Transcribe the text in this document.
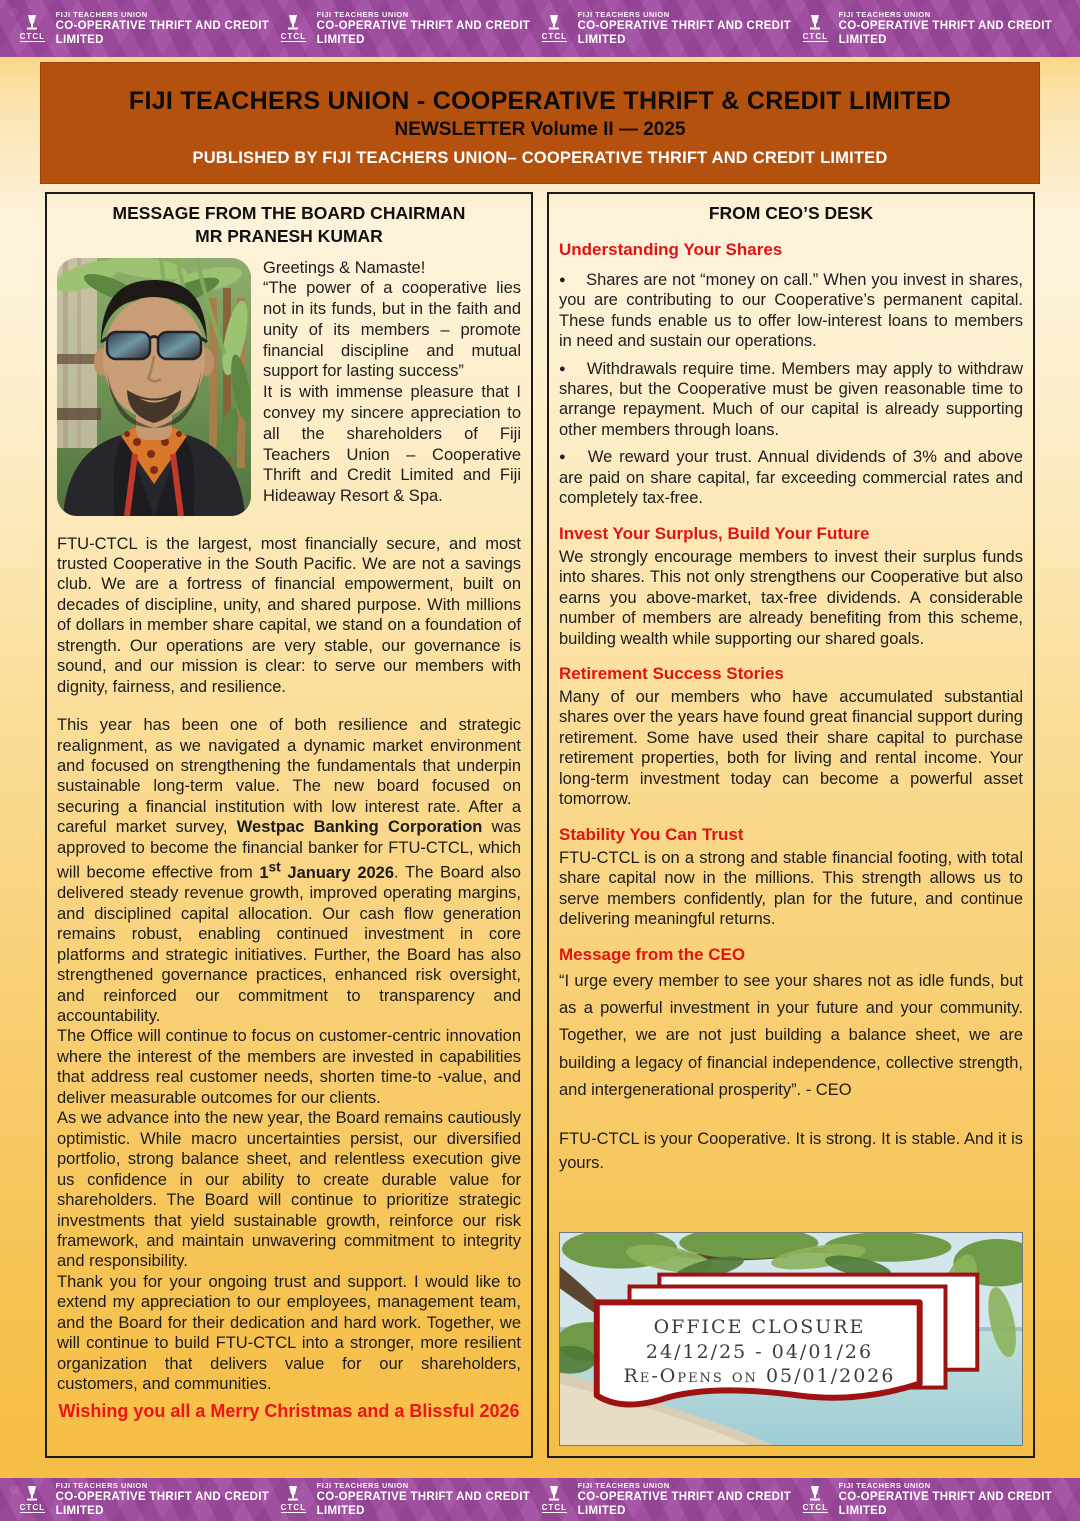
CTCL
FIJI TEACHERS UNION
CO-OPERATIVE THRIFT AND CREDIT LIMITED	CTCL
FIJI TEACHERS UNION
CO-OPERATIVE THRIFT AND CREDIT LIMITED	CTCL
FIJI TEACHERS UNION
CO-OPERATIVE THRIFT AND CREDIT LIMITED	CTCL
FIJI TEACHERS UNION
CO-OPERATIVE THRIFT AND CREDIT LIMITED
FIJI TEACHERS UNION - COOPERATIVE THRIFT & CREDIT LIMITED
NEWSLETTER Volume II — 2025
PUBLISHED BY FIJI TEACHERS UNION– COOPERATIVE THRIFT AND CREDIT LIMITED
MESSAGE FROM THE BOARD CHAIRMAN
MR PRANESH KUMAR
Greetings & Namaste!
“The power of a cooperative lies not in its funds, but in the faith and unity of its members – promote financial discipline and mutual support for lasting success”
It is with immense pleasure that I convey my sincere appreciation to all the shareholders of Fiji Teachers Union – Cooperative Thrift and Credit Limited and Fiji Hideaway Resort & Spa.

FTU-CTCL is the largest, most financially secure, and most trusted Cooperative in the South Pacific. We are not a savings club. We are a fortress of financial empowerment, built on decades of discipline, unity, and shared purpose. With millions of dollars in member share capital, we stand on a foundation of strength. Our operations are very stable, our governance is sound, and our mission is clear: to serve our members with dignity, fairness, and resilience.

This year has been one of both resilience and strategic realignment, as we navigated a dynamic market environment and focused on strengthening the fundamentals that underpin sustainable long-term value. The new board focused on securing a financial institution with low interest rate. After a careful market survey, Westpac Banking Corporation was approved to become the financial banker for FTU-CTCL, which will become effective from 1st January 2026. The Board also delivered steady revenue growth, improved operating margins, and disciplined capital allocation. Our cash flow generation remains robust, enabling continued investment in core platforms and strategic initiatives. Further, the Board has also strengthened governance practices, enhanced risk oversight, and reinforced our commitment to transparency and accountability.

The Office will continue to focus on customer-centric innovation where the interest of the members are invested in capabilities that address real customer needs, shorten time-to -value, and deliver measurable outcomes for our clients.

As we advance into the new year, the Board remains cautiously optimistic. While macro uncertainties persist, our diversified portfolio, strong balance sheet, and relentless execution give us confidence in our ability to create durable value for shareholders. The Board will continue to prioritize strategic investments that yield sustainable growth, reinforce our risk framework, and maintain unwavering commitment to integrity and responsibility.

Thank you for your ongoing trust and support. I would like to extend my appreciation to our employees, management team, and the Board for their dedication and hard work. Together, we will continue to build FTU-CTCL into a stronger, more resilient organization that delivers value for our shareholders, customers, and communities.

Wishing you all a Merry Christmas and a Blissful 2026

FROM CEO’S DESK
Understanding Your Shares

● Shares are not “money on call.” When you invest in shares, you are contributing to our Cooperative’s permanent capital. These funds enable us to offer low-interest loans to members in need and sustain our operations.

● Withdrawals require time. Members may apply to withdraw shares, but the Cooperative must be given reasonable time to arrange repayment. Much of our capital is already supporting other members through loans.

● We reward your trust. Annual dividends of 3% and above are paid on share capital, far exceeding commercial rates and completely tax-free.

Invest Your Surplus, Build Your Future

We strongly encourage members to invest their surplus funds into shares. This not only strengthens our Cooperative but also earns you above-market, tax-free dividends. A considerable number of members are already benefiting from this scheme, building wealth while supporting our shared goals.

Retirement Success Stories

Many of our members who have accumulated substantial shares over the years have found great financial support during retirement. Some have used their share capital to purchase retirement properties, both for living and rental income. Your long-term investment today can become a powerful asset tomorrow.

Stability You Can Trust

FTU-CTCL is on a strong and stable financial footing, with total share capital now in the millions. This strength allows us to serve members confidently, plan for the future, and continue delivering meaningful returns.

Message from the CEO

“I urge every member to see your shares not as idle funds, but as a powerful investment in your future and your community. Together, we are not just building a balance sheet, we are building a legacy of financial independence, collective strength, and intergenerational prosperity”. - CEO

FTU-CTCL is your Cooperative. It is strong. It is stable. And it is yours.

OFFICE CLOSURE
24/12/25 - 04/01/26
Re-Opens on 05/01/2026
CTCL
FIJI TEACHERS UNION
CO-OPERATIVE THRIFT AND CREDIT LIMITED	CTCL
FIJI TEACHERS UNION
CO-OPERATIVE THRIFT AND CREDIT LIMITED	CTCL
FIJI TEACHERS UNION
CO-OPERATIVE THRIFT AND CREDIT LIMITED	CTCL
FIJI TEACHERS UNION
CO-OPERATIVE THRIFT AND CREDIT LIMITED
